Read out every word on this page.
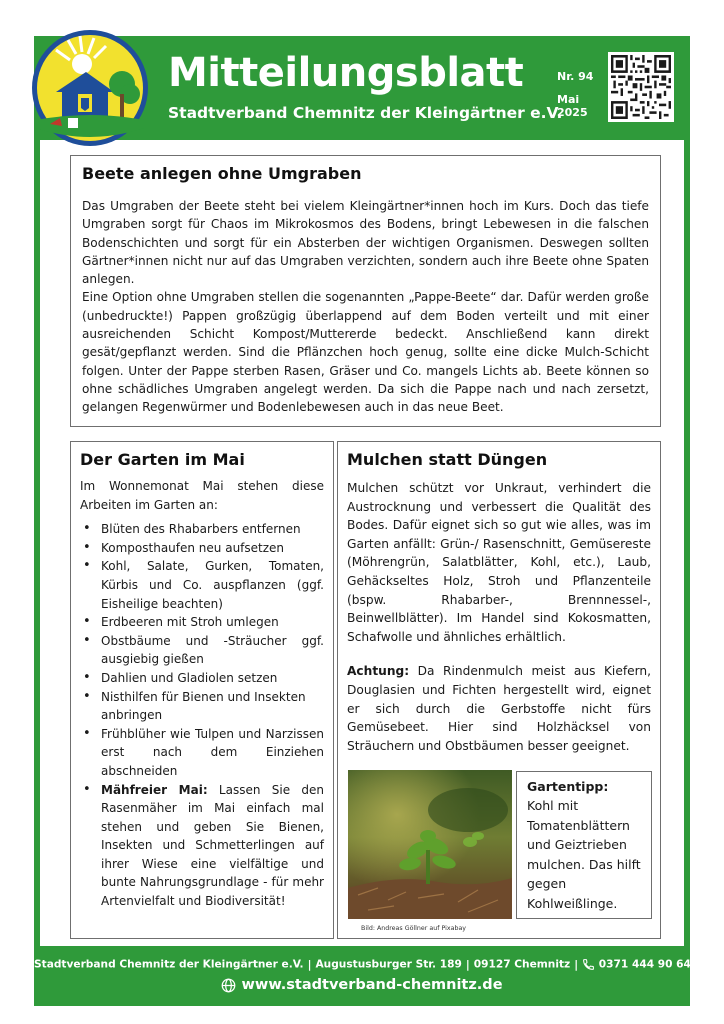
Mitteilungsblatt
Stadtverband Chemnitz der Kleingärtner e.V.
Nr. 94
Mai
2025
Beete anlegen ohne Umgraben

Das Umgraben der Beete steht bei vielem Kleingärtner*innen hoch im Kurs. Doch das tiefe Umgraben sorgt für Chaos im Mikrokosmos des Bodens, bringt Lebewesen in die falschen Bodenschichten und sorgt für ein Absterben der wichtigen Organismen. Deswegen sollten Gärtner*innen nicht nur auf das Umgraben verzichten, sondern auch ihre Beete ohne Spaten anlegen.

Eine Option ohne Umgraben stellen die sogenannten „Pappe-Beete“ dar. Dafür werden große (unbedruckte!) Pappen großzügig überlappend auf dem Boden verteilt und mit einer ausreichenden Schicht Kompost/Muttererde bedeckt. Anschließend kann direkt gesät/gepflanzt werden. Sind die Pflänzchen hoch genug, sollte eine dicke Mulch-Schicht folgen. Unter der Pappe sterben Rasen, Gräser und Co. mangels Lichts ab. Beete können so ohne schädliches Umgraben angelegt werden. Da sich die Pappe nach und nach zersetzt, gelangen Regenwürmer und Bodenlebewesen auch in das neue Beet.

Der Garten im Mai

Im Wonnemonat Mai stehen diese Arbeiten im Garten an:

• Blüten des Rhabarbers entfernen
• Komposthaufen neu aufsetzen
• Kohl, Salate, Gurken, Tomaten, Kürbis und Co. auspflanzen (ggf. Eisheilige beachten)
• Erdbeeren mit Stroh umlegen
• Obstbäume und -Sträucher ggf. ausgiebig gießen
• Dahlien und Gladiolen setzen
• Nisthilfen für Bienen und Insekten anbringen
• Frühblüher wie Tulpen und Narzissen erst nach dem Einziehen abschneiden
• Mähfreier Mai: Lassen Sie den Rasenmäher im Mai einfach mal stehen und geben Sie Bienen, Insekten und Schmetterlingen auf ihrer Wiese eine vielfältige und bunte Nahrungsgrundlage - für mehr Artenvielfalt und Biodiversität!
Mulchen statt Düngen

Mulchen schützt vor Unkraut, verhindert die Austrocknung und verbessert die Qualität des Bodes. Dafür eignet sich so gut wie alles, was im Garten anfällt: Grün-/ Rasenschnitt, Gemüsereste (Möhrengrün, Salatblätter, Kohl, etc.), Laub, Gehäckseltes Holz, Stroh und Pflanzenteile (bspw. Rhabarber-, Brennnessel-, Beinwellblätter). Im Handel sind Kokosmatten, Schafwolle und ähnliches erhältlich.

Achtung: Da Rindenmulch meist aus Kiefern, Douglasien und Fichten hergestellt wird, eignet er sich durch die Gerbstoffe nicht fürs Gemüsebeet. Hier sind Holzhäcksel von Sträuchern und Obstbäumen besser geeignet.

Bild: Andreas Göllner auf Pixabay
Gartentipp:
Kohl mit Tomatenblättern und Geiztrieben mulchen. Das hilft gegen Kohlweißlinge.
Stadtverband Chemnitz der Kleingärtner e.V. | Augustusburger Str. 189 | 09127 Chemnitz | 0371 444 90 64
www.stadtverband-chemnitz.de
